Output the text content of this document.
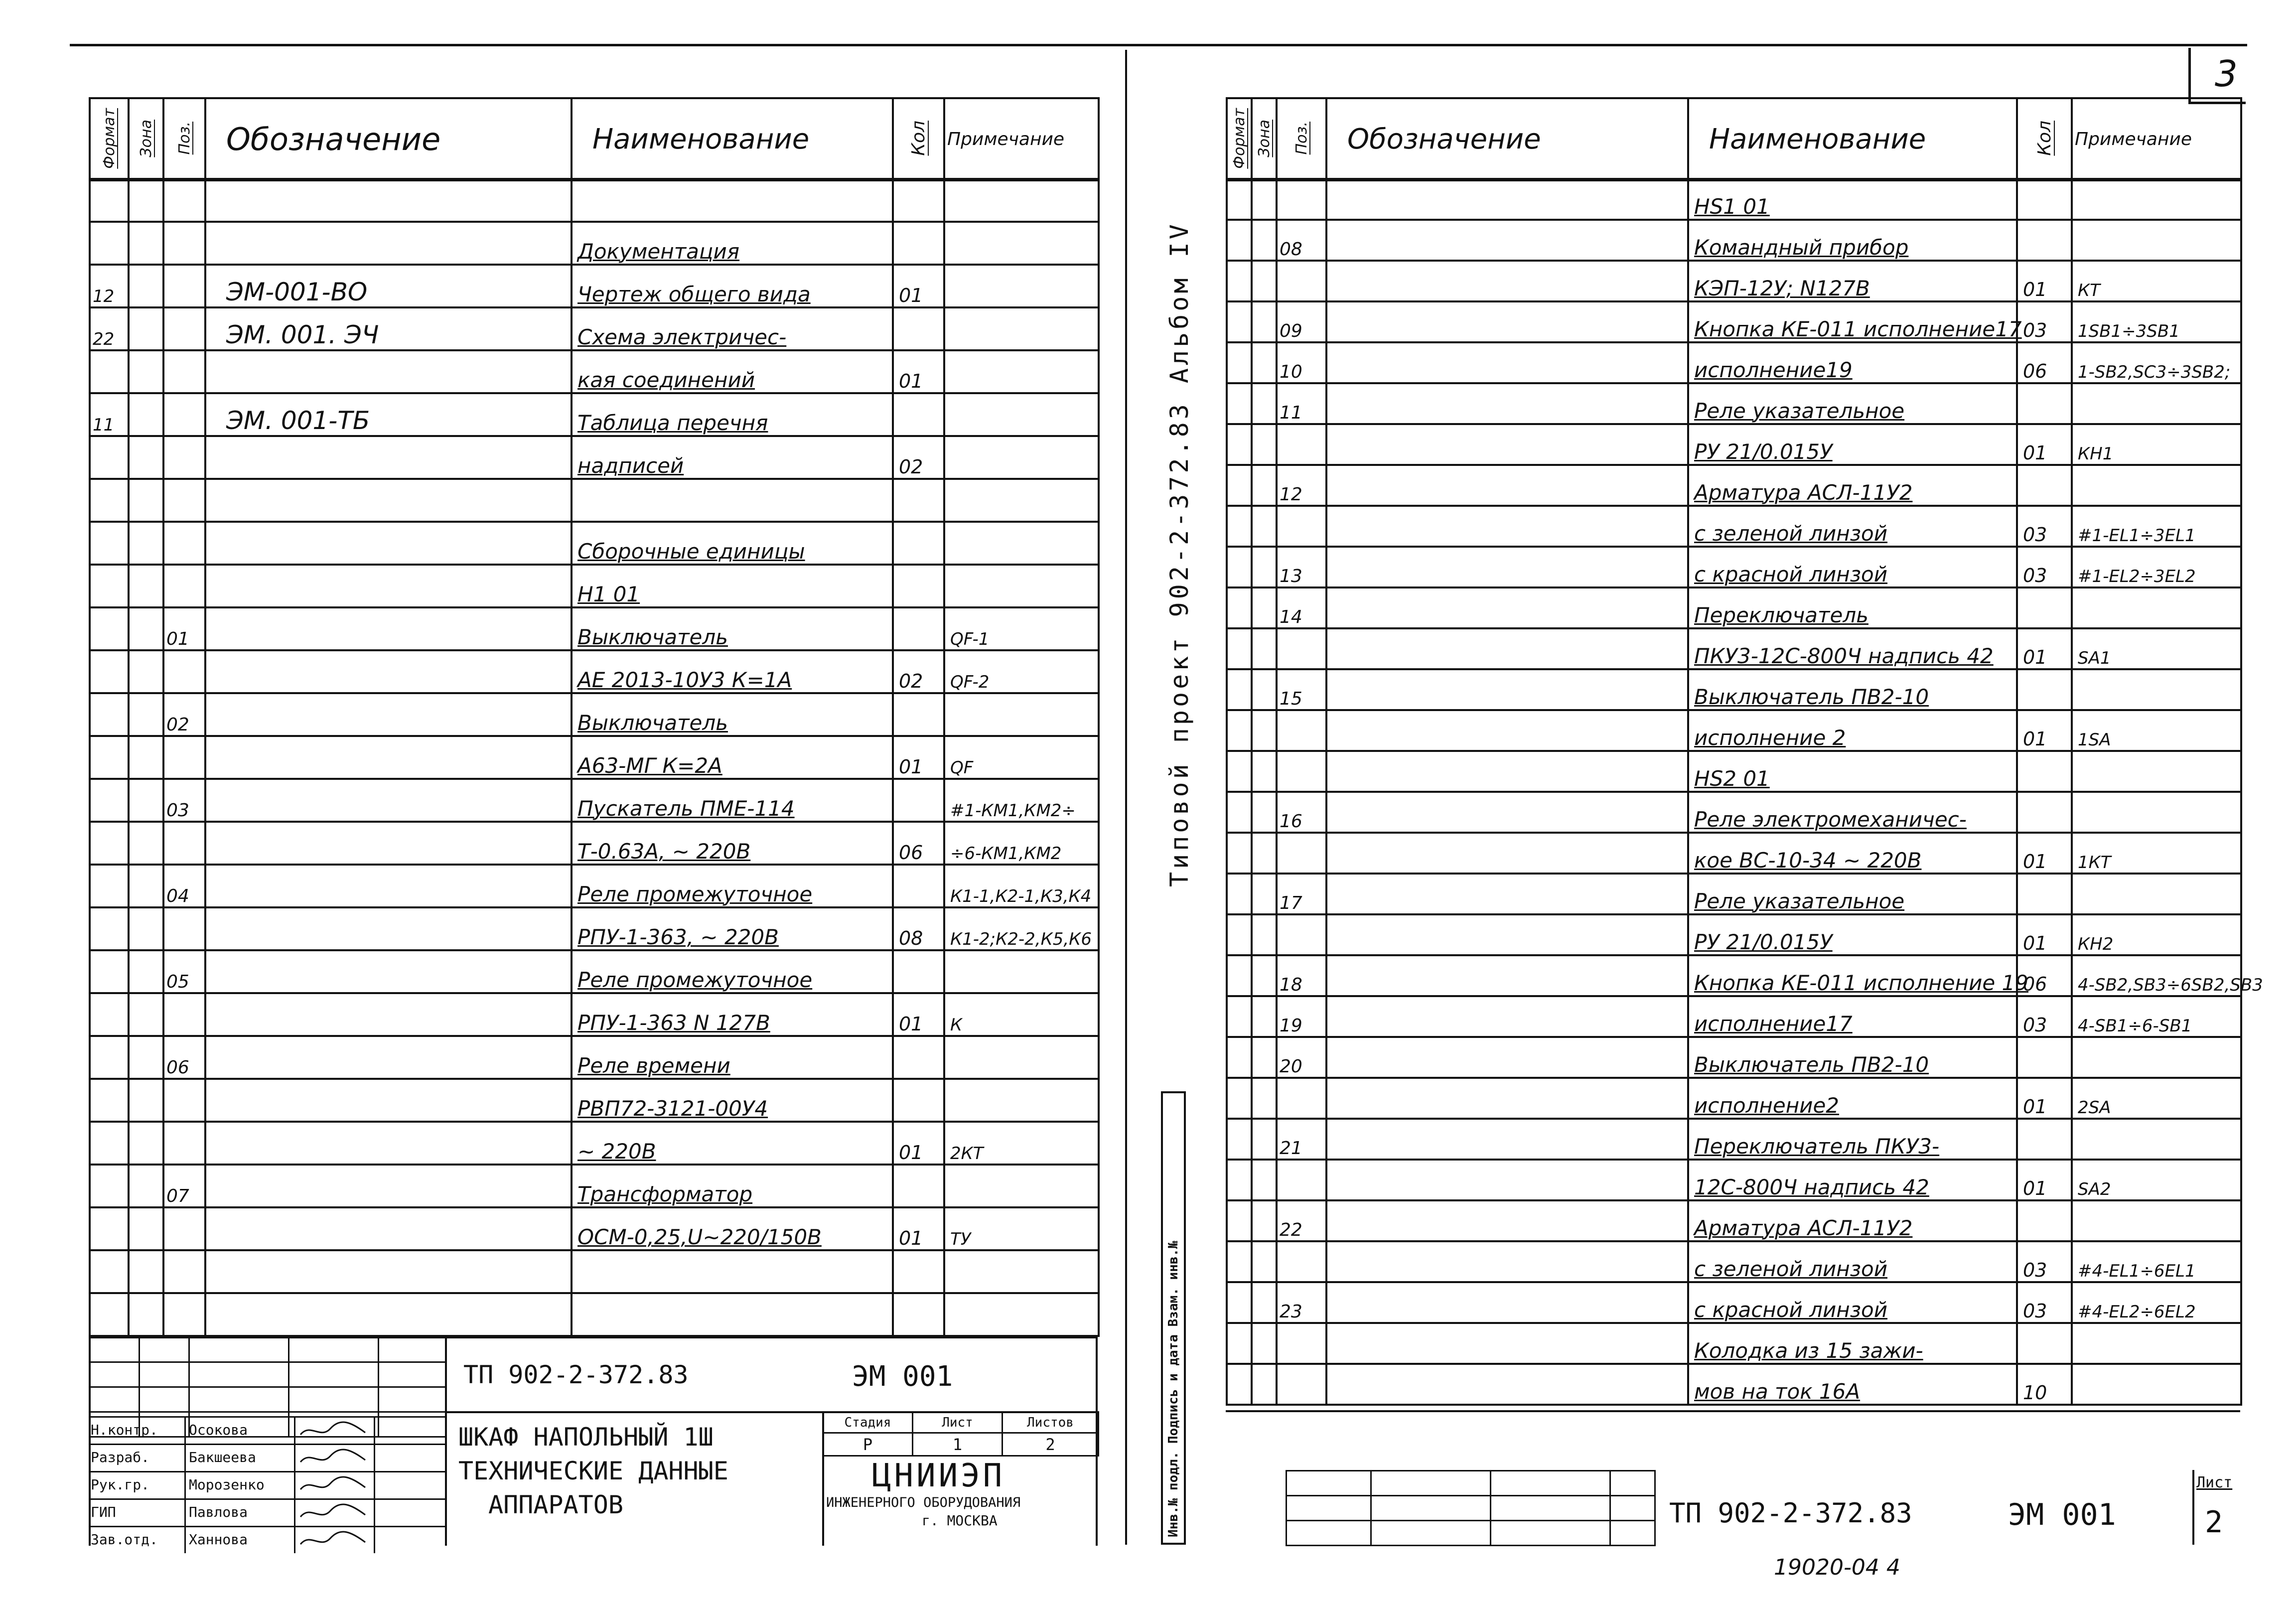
3
Формат	Зона	Поз.	Обозначение	Наименование	Кол	Примечание

				Документация		
12			ЭМ-001-ВО	Чертеж общего вида	01	
22			ЭМ. 001. ЭЧ	Схема электричес-		
				кая соединений	01	
11			ЭМ. 001-ТБ	Таблица перечня		
				надписей	02	

				Сборочные единицы		
				H1 01		
		01		Выключатель		QF-1
				АЕ 2013-10У3 К=1А	02	QF-2
		02		Выключатель		
				А63-МГ К=2А	01	QF
		03		Пускатель ПМЕ-114		#1-КМ1,КМ2÷
				Т-0.63А, ~ 220В	06	÷6-КМ1,КМ2
		04		Реле промежуточное		К1-1,К2-1,К3,К4
				РПУ-1-363, ~ 220В	08	К1-2;К2-2,К5,К6
		05		Реле промежуточное		
				РПУ-1-363 N 127В	01	К
		06		Реле времени		
				РВП72-3121-00У4		
				~ 220В	01	2КТ
		07		Трансформатор		
				ОСМ-0,25,U~220/150В	01	ТУ

Н.контр.	Осокова
Разраб.	Бакшеева
Рук.гр.	Морозенко
ГИП	Павлова
Зав.отд.	Ханнова
ТП 902-2-372.83	ЭМ 001
ШКАФ НАПОЛЬНЫЙ 1Ш
ТЕХНИЧЕСКИЕ ДАННЫЕ
АППАРАТОВ
Стадия	Лист	Листов
Р	1	2
ЦНИИЭП
ИНЖЕНЕРНОГО ОБОРУДОВАНИЯ
г. МОСКВА
Типовой проект 902-2-372.83 Альбом IV
Инв.№ подл. Подпись и дата Взам. инв.№
Формат	Зона	Поз.	Обозначение	Наименование	Кол	Примечание
				HS1 01		
		08		Командный прибор		
				КЭП-12У; N127В	01	КТ
		09		Кнопка КЕ-011 исполнение17	03	1SB1÷3SB1
		10		исполнение19	06	1-SB2,SC3÷3SB2;
		11		Реле указательное		
				РУ 21/0.015У	01	КН1
		12		Арматура АСЛ-11У2		
				с зеленой линзой	03	#1-EL1÷3EL1
		13		с красной линзой	03	#1-EL2÷3EL2
		14		Переключатель		
				ПКУ3-12С-800Ч надпись 42	01	SA1
		15		Выключатель ПВ2-10		
				исполнение 2	01	1SA
				HS2 01		
		16		Реле электромеханичес-		
				кое ВС-10-34 ~ 220В	01	1КТ
		17		Реле указательное		
				РУ 21/0.015У	01	КН2
		18		Кнопка КЕ-011 исполнение 19	06	4-SB2,SB3÷6SB2,SB3
		19		исполнение17	03	4-SB1÷6-SB1
		20		Выключатель ПВ2-10		
				исполнение2	01	2SA
		21		Переключатель ПКУ3-		
				12С-800Ч надпись 42	01	SA2
		22		Арматура АСЛ-11У2		
				с зеленой линзой	03	#4-EL1÷6EL1
		23		с красной линзой	03	#4-EL2÷6EL2
				Колодка из 15 зажи-		
				мов на ток 16А	10	

ТП 902-2-372.83	ЭМ 001
Лист
2
19020-04 4
